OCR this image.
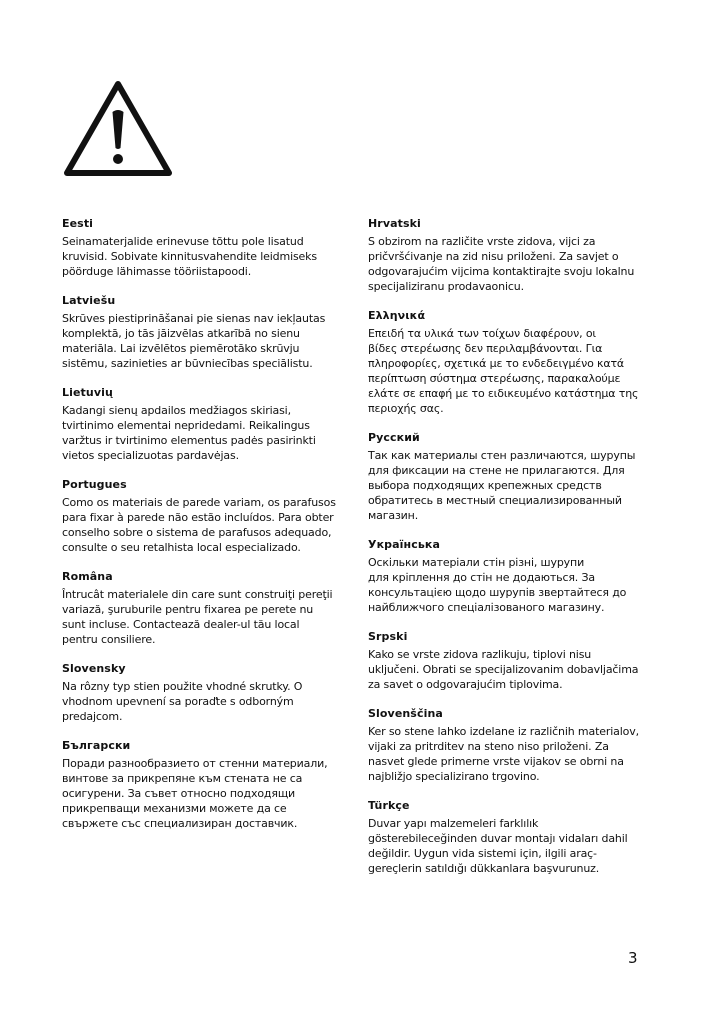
Eesti
Seinamaterjalide erinevuse tõttu pole lisatud
kruvisid. Sobivate kinnitusvahendite leidmiseks
pöörduge lähimasse tööriistapoodi.
Latviešu
Skrūves piestiprināšanai pie sienas nav iekļautas
komplektā, jo tās jāizvēlas atkarībā no sienu
materiāla. Lai izvēlētos piemērotāko skrūvju
sistēmu, sazinieties ar būvniecības speciālistu.
Lietuvių
Kadangi sienų apdailos medžiagos skiriasi,
tvirtinimo elementai nepridedami. Reikalingus
varžtus ir tvirtinimo elementus padės pasirinkti
vietos specializuotas pardavėjas.
Portugues
Como os materiais de parede variam, os parafusos
para fixar à parede não estão incluídos. Para obter
conselho sobre o sistema de parafusos adequado,
consulte o seu retalhista local especializado.
Româna
Întrucât materialele din care sunt construiţi pereţii
variază, şuruburile pentru fixarea pe perete nu
sunt incluse. Contactează dealer-ul tău local
pentru consiliere.
Slovensky
Na rôzny typ stien použite vhodné skrutky. O
vhodnom upevnení sa poraďte s odborným
predajcom.
Български
Поради разнообразието от стенни материали,
винтове за прикрепяне към стената не са
осигурени. За съвет относно подходящи
прикрепващи механизми можете да се
свържете със специализиран доставчик.
Hrvatski
S obzirom na različite vrste zidova, vijci za
pričvršćivanje na zid nisu priloženi. Za savjet o
odgovarajućim vijcima kontaktirajte svoju lokalnu
specijaliziranu prodavaonicu.
Ελληνικά
Επειδή τα υλικά των τοίχων διαφέρουν, οι
βίδες στερέωσης δεν περιλαμβάνονται. Για
πληροφορίες, σχετικά με το ενδεδειγμένο κατά
περίπτωση σύστημα στερέωσης, παρακαλούμε
ελάτε σε επαφή με το ειδικευμένο κατάστημα της
περιοχής σας.
Русский
Так как материалы стен различаются, шурупы
для фиксации на стене не прилагаются. Для
выбора подходящих крепежных средств
обратитесь в местный специализированный
магазин.
Українська
Оскільки матеріали стін різні, шурупи
для кріплення до стін не додаються. За
консультацією щодо шурупів звертайтеся до
найближчого спеціалізованого магазину.
Srpski
Kako se vrste zidova razlikuju, tiplovi nisu
uključeni. Obrati se specijalizovanim dobavljačima
za savet o odgovarajućim tiplovima.
Slovenščina
Ker so stene lahko izdelane iz različnih materialov,
vijaki za pritrditev na steno niso priloženi. Za
nasvet glede primerne vrste vijakov se obrni na
najbližjo specializirano trgovino.
Türkçe
Duvar yapı malzemeleri farklılık
gösterebileceğinden duvar montajı vidaları dahil
değildir. Uygun vida sistemi için, ilgili araç-
gereçlerin satıldığı dükkanlara başvurunuz.
3
